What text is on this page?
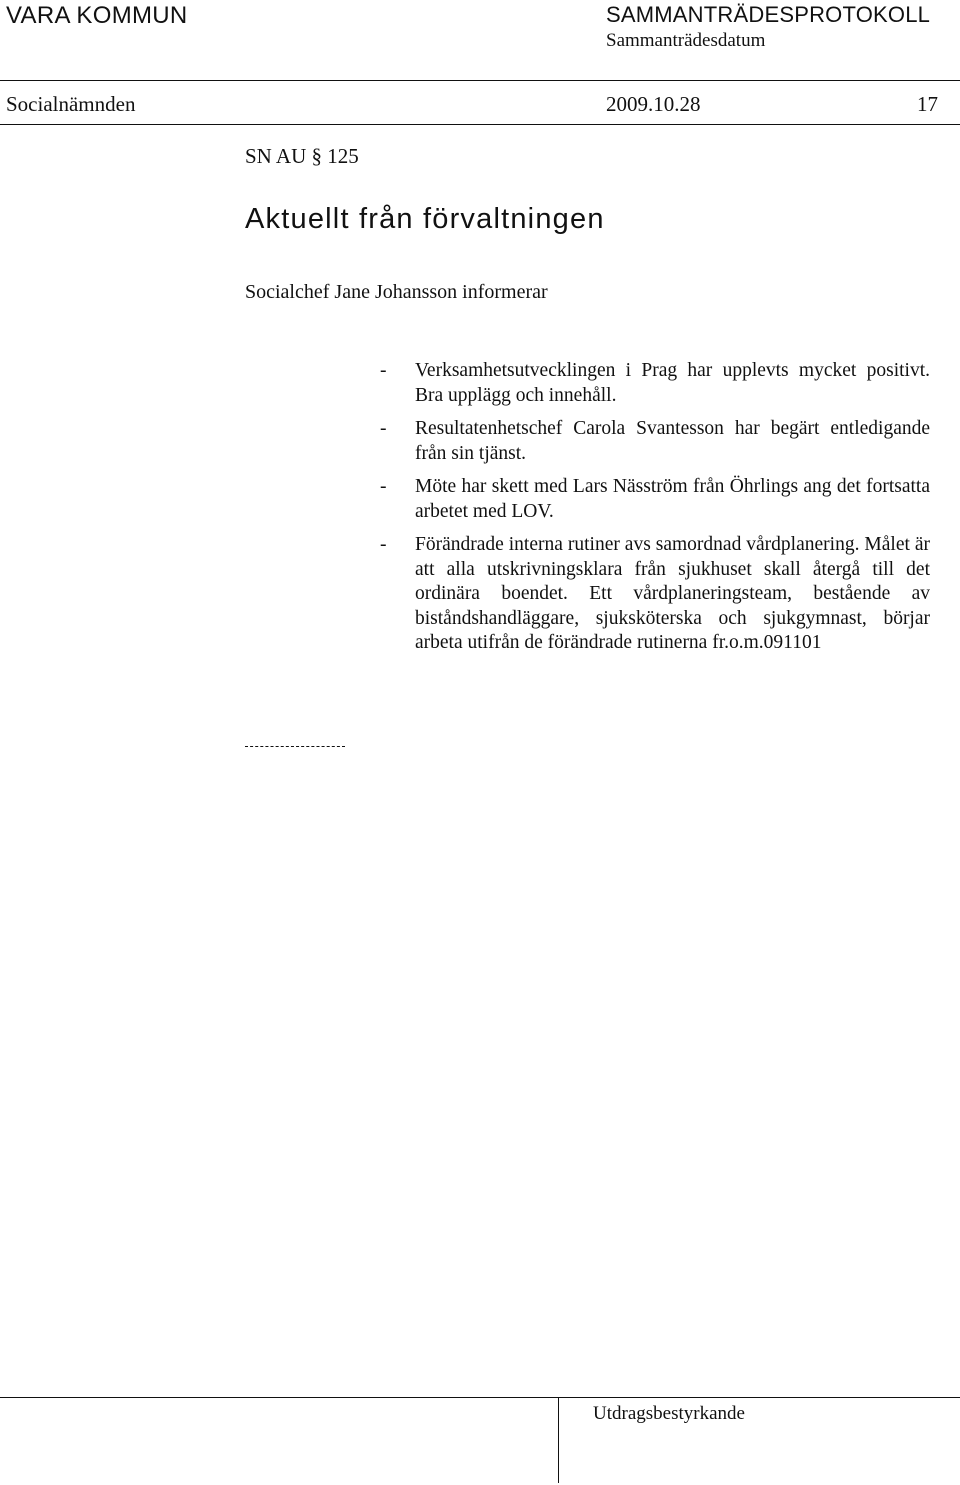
VARA KOMMUN	SAMMANTRÄDESPROTOKOLL
Sammanträdesdatum
Socialnämnden	2009.10.28	17
SN AU § 125
Aktuellt från förvaltningen
Socialchef Jane Johansson informerar
- Verksamhetsutvecklingen i Prag har upplevts mycket positivt. Bra upplägg och innehåll.
- Resultatenhetschef Carola Svantesson har begärt entledigande från sin tjänst.
- Möte har skett med Lars Näsström från Öhrlings ang det fortsatta arbetet med LOV.
- Förändrade interna rutiner avs samordnad vårdplanering. Målet är att alla utskrivningsklara från sjukhuset skall återgå till det ordinära boendet. Ett vårdplaneringsteam, bestående av biståndshandläggare, sjuksköterska och sjukgymnast, börjar arbeta utifrån de förändrade rutinerna fr.o.m.091101
Utdragsbestyrkande
